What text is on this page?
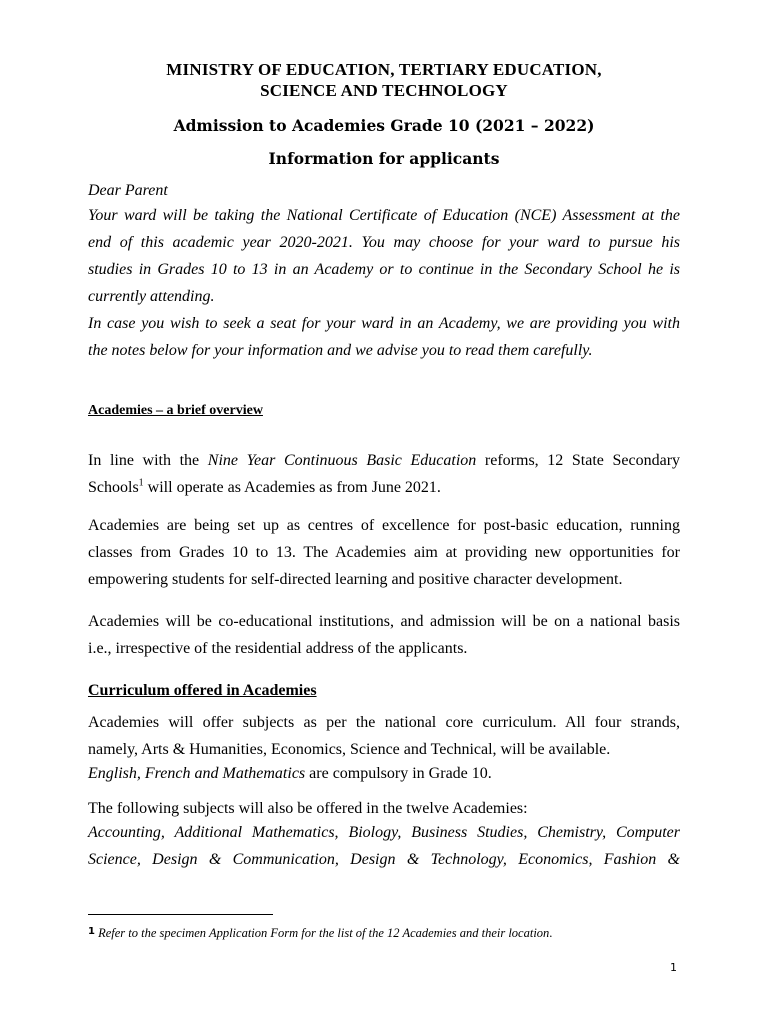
MINISTRY OF EDUCATION, TERTIARY EDUCATION,
SCIENCE AND TECHNOLOGY
Admission to Academies Grade 10 (2021 – 2022)
Information for applicants
Dear Parent
Your ward will be taking the National Certificate of Education (NCE) Assessment at the
end of this academic year 2020-2021. You may choose for your ward to pursue his
studies in Grades 10 to 13 in an Academy or to continue in the Secondary School he is
currently attending.
In case you wish to seek a seat for your ward in an Academy, we are providing you with
the notes below for your information and we advise you to read them carefully.
Academies – a brief overview
In line with the Nine Year Continuous Basic Education reforms, 12 State Secondary
Schools$^1$ will operate as Academies as from June 2021.
Academies are being set up as centres of excellence for post-basic education, running
classes from Grades 10 to 13. The Academies aim at providing new opportunities for
empowering students for self-directed learning and positive character development.
Academies will be co-educational institutions, and admission will be on a national basis
i.e., irrespective of the residential address of the applicants.
Curriculum offered in Academies
Academies will offer subjects as per the national core curriculum. All four strands,
namely, Arts & Humanities, Economics, Science and Technical, will be available.
English, French and Mathematics are compulsory in Grade 10.
The following subjects will also be offered in the twelve Academies:
Accounting, Additional Mathematics, Biology, Business Studies, Chemistry, Computer
Science, Design & Communication, Design & Technology, Economics, Fashion &
$^1$ Refer to the specimen Application Form for the list of the 12 Academies and their location.
1
